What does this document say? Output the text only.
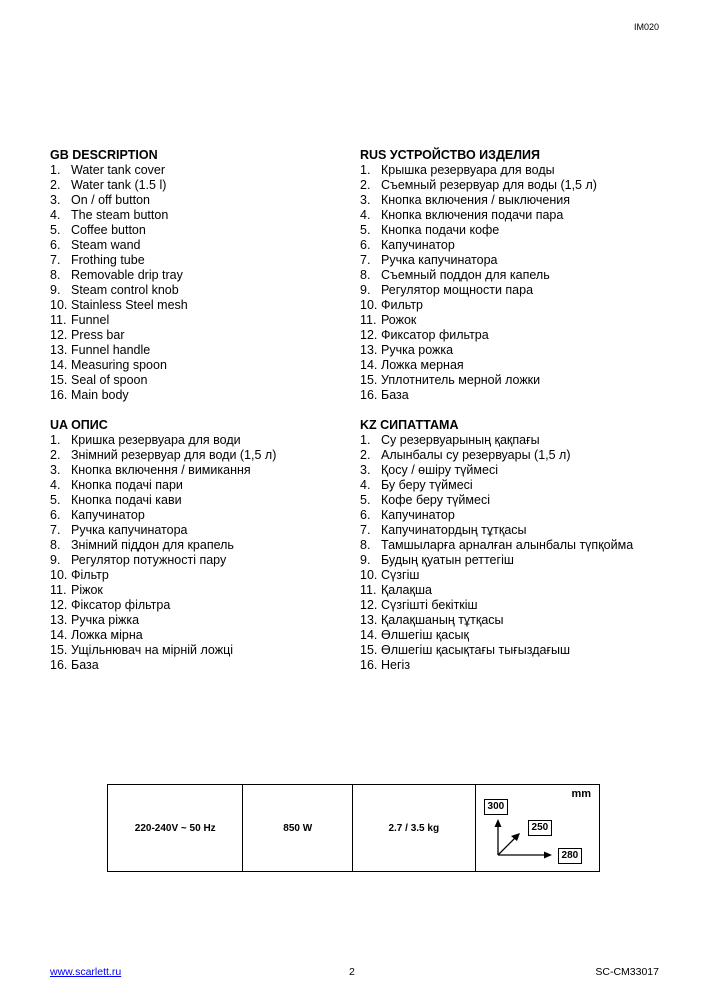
IM020
GB DESCRIPTION
1. Water tank cover
2. Water tank (1.5 l)
3. On / off button
4. The steam button
5. Coffee button
6. Steam wand
7. Frothing tube
8. Removable drip tray
9. Steam control knob
10. Stainless Steel mesh
11. Funnel
12. Press bar
13. Funnel handle
14. Measuring spoon
15. Seal of spoon
16. Main body
RUS УСТРОЙСТВО ИЗДЕЛИЯ
1. Крышка резервуара для воды
2. Съемный резервуар для воды (1,5 л)
3. Кнопка включения / выключения
4. Кнопка включения подачи пара
5. Кнопка подачи кофе
6. Капучинатор
7. Ручка капучинатора
8. Съемный поддон для капель
9. Регулятор мощности пара
10. Фильтр
11. Рожок
12. Фиксатор фильтра
13. Ручка рожка
14. Ложка мерная
15. Уплотнитель мерной ложки
16. База
UA ОПИС
1. Кришка резервуара для води
2. Знімний резервуар для води (1,5 л)
3. Кнопка включення / вимикання
4. Кнопка подачі пари
5. Кнопка подачі кави
6. Капучинатор
7. Ручка капучинатора
8. Знімний піддон для крапель
9. Регулятор потужності пару
10. Фільтр
11. Ріжок
12. Фіксатор фільтра
13. Ручка ріжка
14. Ложка мірна
15. Ущільнювач на мірній ложці
16. База
KZ СИПАТТАМА
1. Су резервуарының қақпағы
2. Алынбалы су резервуары (1,5 л)
3. Қосу / өшіру түймесі
4. Бу беру түймесі
5. Кофе беру түймесі
6. Капучинатор
7. Капучинатордың тұтқасы
8. Тамшыларға арналған алынбалы түпқойма
9. Будың қуатын реттегіш
10. Сүзгіш
11. Қалақша
12. Сүзгішті бекіткіш
13. Қалақшаның тұтқасы
14. Өлшегіш қасық
15. Өлшегіш қасықтағы тығыздағыш
16. Негіз
220-240V ~ 50 Hz	850 W	2.7 / 3.5 kg
mm
300
250
280
www.scarlett.ru	2	SC-CM33017
